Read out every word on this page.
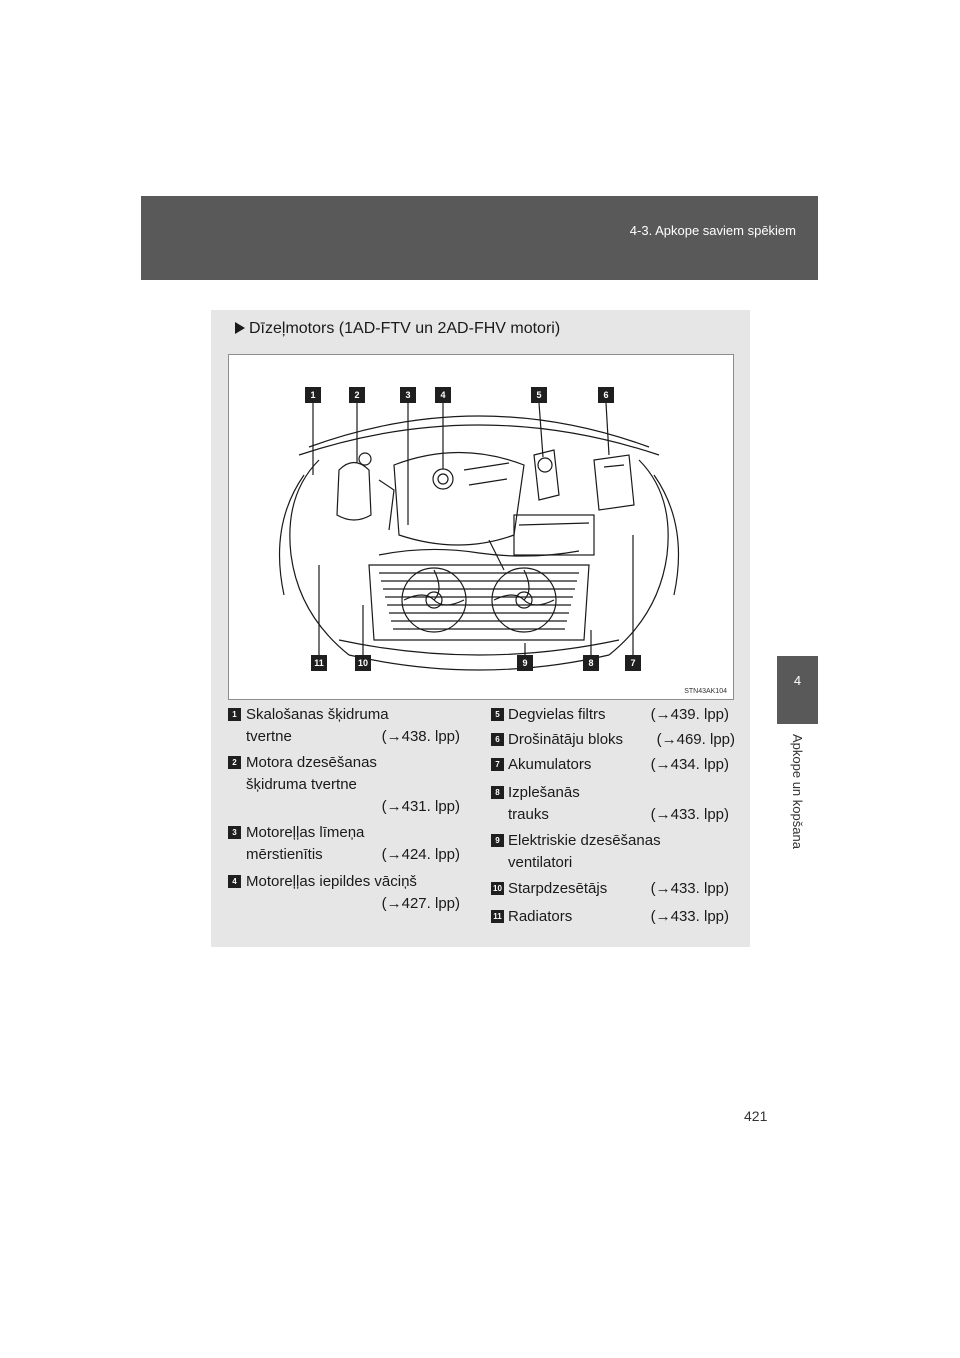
4-3. Apkope saviem spēkiem
4
Apkope un kopšana
Dīzeļmotors (1AD-FTV un 2AD-FHV motori)
1	2	3	4	5	6
7
8
9
10
11
STN43AK104
1 Skalošanas šķidruma
tvertne	(→438. lpp)
2 Motora dzesēšanas
šķidruma tvertne
(→431. lpp)
3 Motoreļļas līmeņa
mērstienītis	(→424. lpp)
4 Motoreļļas iepildes vāciņš
(→427. lpp)
5 Degvielas filtrs	(→439. lpp)
6 Drošinātāju bloks (→469. lpp)
7 Akumulators	(→434. lpp)
8 Izplešanās
trauks	(→433. lpp)
9 Elektriskie dzesēšanas
ventilatori
10 Starpdzesētājs	(→433. lpp)
11 Radiators	(→433. lpp)
421
